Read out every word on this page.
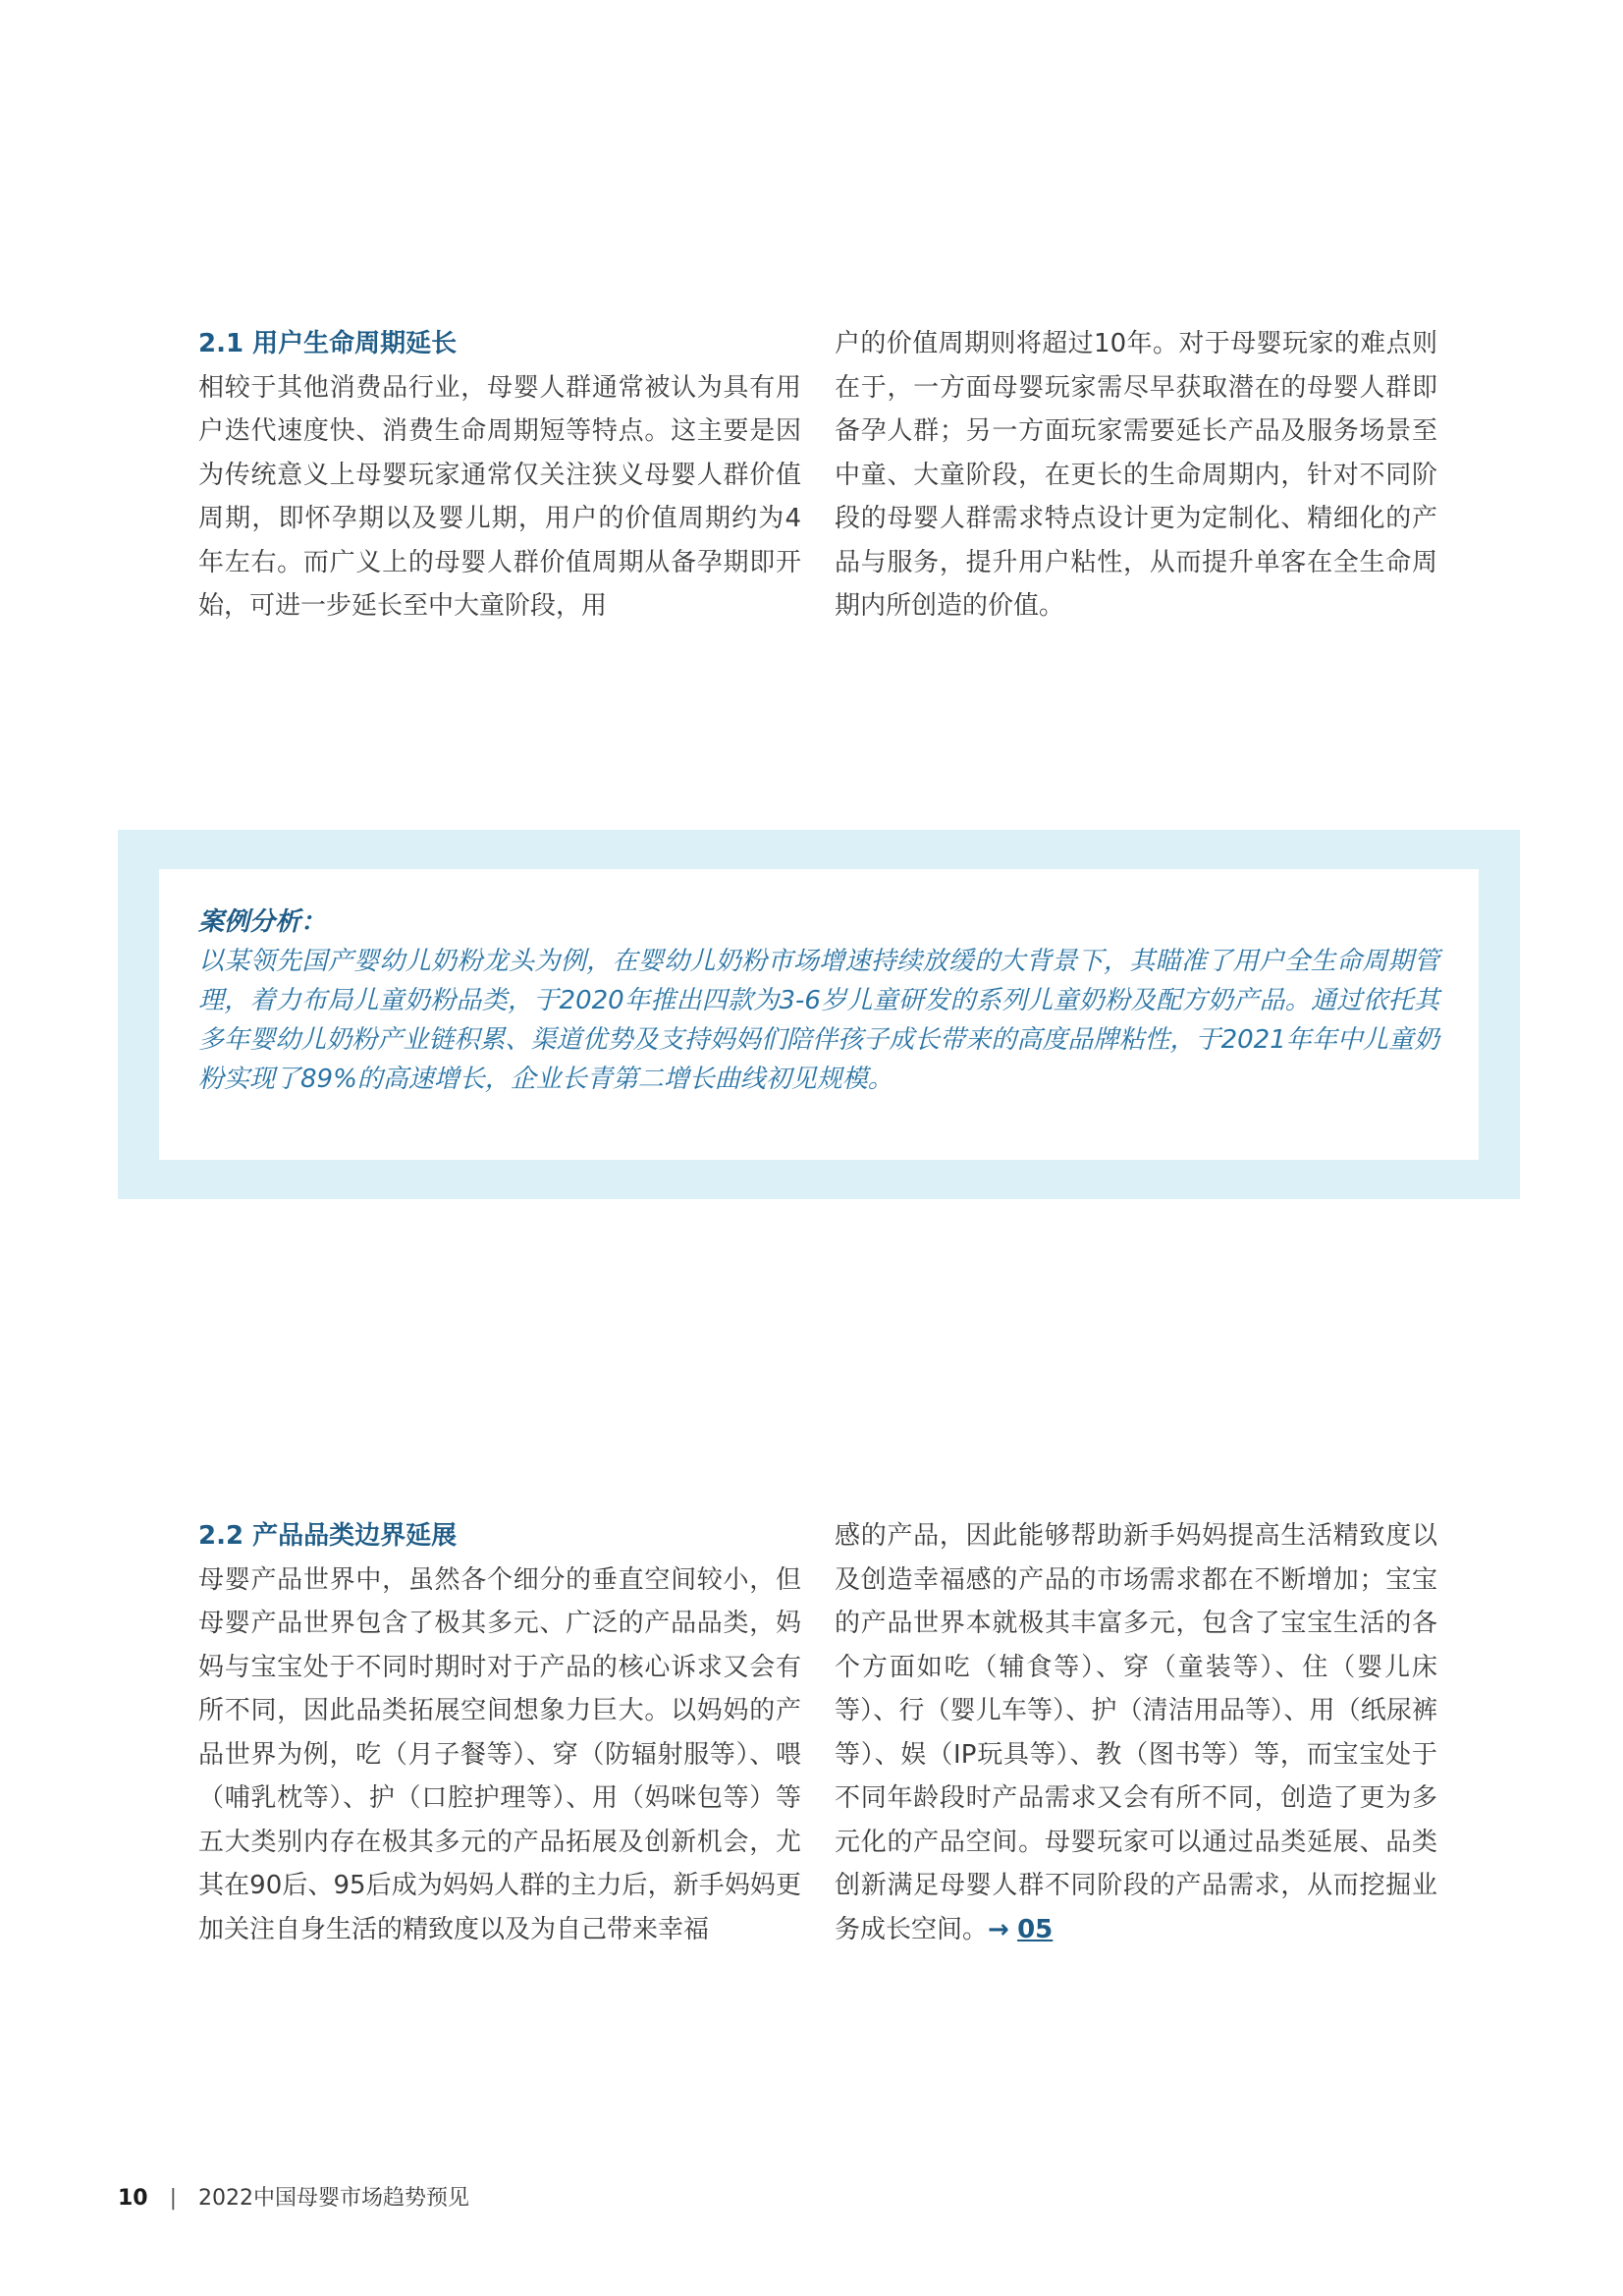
2.1 用户生命周期延长

相较于其他消费品行业，母婴人群通常被认为具有用户迭代速度快、消费生命周期短等特点。这主要是因为传统意义上母婴玩家通常仅关注狭义母婴人群价值周期，即怀孕期以及婴儿期，用户的价值周期约为4年左右。而广义上的母婴人群价值周期从备孕期即开始，可进一步延长至中大童阶段，用

户的价值周期则将超过10年。对于母婴玩家的难点则在于，一方面母婴玩家需尽早获取潜在的母婴人群即备孕人群；另一方面玩家需要延长产品及服务场景至中童、大童阶段，在更长的生命周期内，针对不同阶段的母婴人群需求特点设计更为定制化、精细化的产品与服务，提升用户粘性，从而提升单客在全生命周期内所创造的价值。

案例分析：
以某领先国产婴幼儿奶粉龙头为例，在婴幼儿奶粉市场增速持续放缓的大背景下，其瞄准了用户全生命周期管理，着力布局儿童奶粉品类，于2020年推出四款为3-6岁儿童研发的系列儿童奶粉及配方奶产品。通过依托其多年婴幼儿奶粉产业链积累、渠道优势及支持妈妈们陪伴孩子成长带来的高度品牌粘性，于2021年年中儿童奶粉实现了89%的高速增长，企业长青第二增长曲线初见规模。
2.2 产品品类边界延展

母婴产品世界中，虽然各个细分的垂直空间较小，但母婴产品世界包含了极其多元、广泛的产品品类，妈妈与宝宝处于不同时期时对于产品的核心诉求又会有所不同，因此品类拓展空间想象力巨大。以妈妈的产品世界为例，吃（月子餐等）、穿（防辐射服等）、喂（哺乳枕等）、护（口腔护理等）、用（妈咪包等）等五大类别内存在极其多元的产品拓展及创新机会，尤其在90后、95后成为妈妈人群的主力后，新手妈妈更加关注自身生活的精致度以及为自己带来幸福

感的产品，因此能够帮助新手妈妈提高生活精致度以及创造幸福感的产品的市场需求都在不断增加；宝宝的产品世界本就极其丰富多元，包含了宝宝生活的各个方面如吃（辅食等）、穿（童装等）、住（婴儿床等）、行（婴儿车等）、护（清洁用品等）、用（纸尿裤等）、娱（IP玩具等）、教（图书等）等，而宝宝处于不同年龄段时产品需求又会有所不同，创造了更为多元化的产品空间。母婴玩家可以通过品类延展、品类创新满足母婴人群不同阶段的产品需求，从而挖掘业务成长空间。→ 05

10 | 2022中国母婴市场趋势预见
